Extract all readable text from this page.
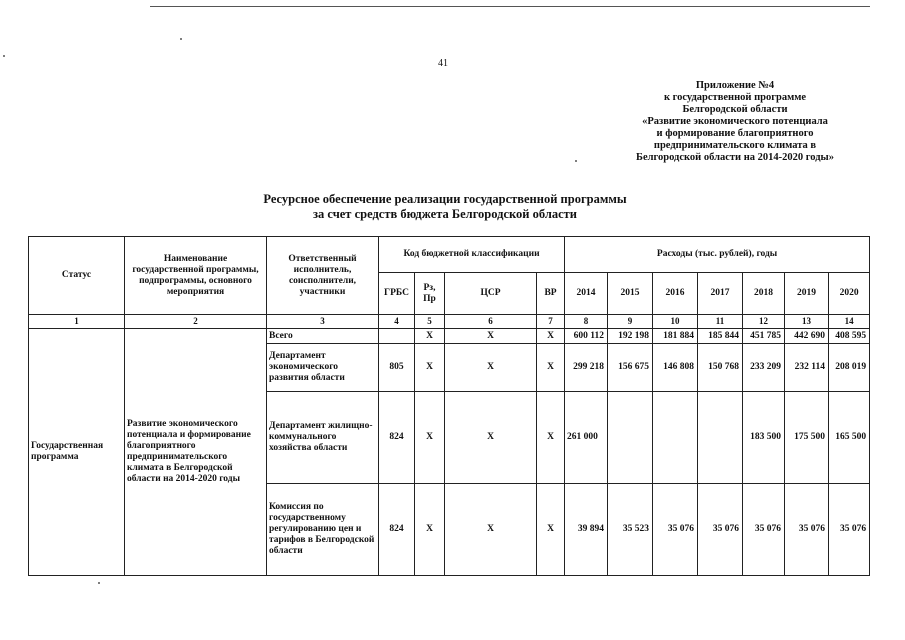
41
Приложение №4
к государственной программе
Белгородской области
«Развитие экономического потенциала
и формирование благоприятного
предпринимательского климата в
Белгородской области на 2014-2020 годы»
Ресурсное обеспечение реализации государственной программы
за счет средств бюджета Белгородской области
Статус	Наименование государственной программы, подпрограммы, основного мероприятия	Ответственный исполнитель, соисполнители, участники	Код бюджетной классификации				Расходы (тыс. рублей), годы						
			ГРБС	Рз, Пр	ЦСР	ВР	2014	2015	2016	2017	2018	2019	2020
1	2	3	4	5	6	7	8	9	10	11	12	13	14
Государственная программа	Развитие экономического потенциала и формирование благоприятного предпринимательского климата в Белгородской области на 2014-2020 годы	Всего		X	X	X	600 112	192 198	181 884	185 844	451 785	442 690	408 595
		Департамент экономического развития области	805	X	X	X	299 218	156 675	146 808	150 768	233 209	232 114	208 019
		Департамент жилищно-коммунального хозяйства области	824	X	X	X	261 000				183 500	175 500	165 500
		Комиссия по государственному регулированию цен и тарифов в Белгородской области	824	X	X	X	39 894	35 523	35 076	35 076	35 076	35 076	35 076
